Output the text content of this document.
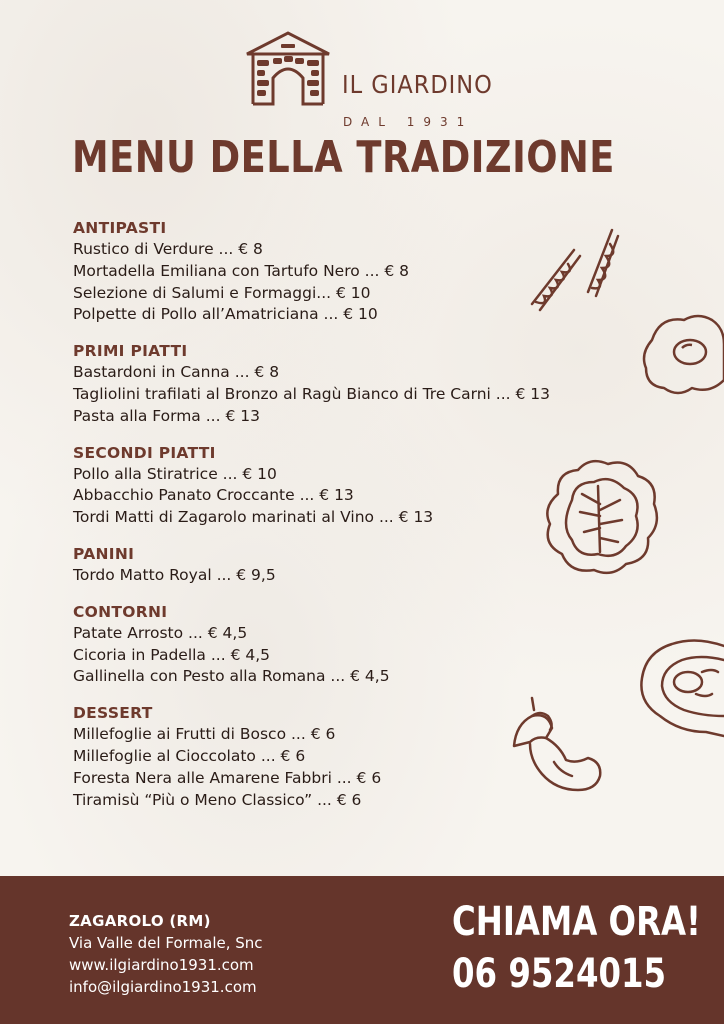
IL GIARDINO
DAL 1931
MENU DELLA TRADIZIONE
ANTIPASTI
Rustico di Verdure ... € 8
Mortadella Emiliana con Tartufo Nero ... € 8
Selezione di Salumi e Formaggi... € 10
Polpette di Pollo all’Amatriciana ... € 10
PRIMI PIATTI
Bastardoni in Canna ... € 8
Tagliolini trafilati al Bronzo al Ragù Bianco di Tre Carni ... € 13
Pasta alla Forma ... € 13
SECONDI PIATTI
Pollo alla Stiratrice ... € 10
Abbacchio Panato Croccante ... € 13
Tordi Matti di Zagarolo marinati al Vino ... € 13
PANINI
Tordo Matto Royal ... € 9,5
CONTORNI
Patate Arrosto ... € 4,5
Cicoria in Padella ... € 4,5
Gallinella con Pesto alla Romana ... € 4,5
DESSERT
Millefoglie ai Frutti di Bosco ... € 6
Millefoglie al Cioccolato ... € 6
Foresta Nera alle Amarene Fabbri ... € 6
Tiramisù “Più o Meno Classico” ... € 6
ZAGAROLO (RM)
Via Valle del Formale, Snc
www.ilgiardino1931.com
info@ilgiardino1931.com
CHIAMA ORA!
06 9524015
